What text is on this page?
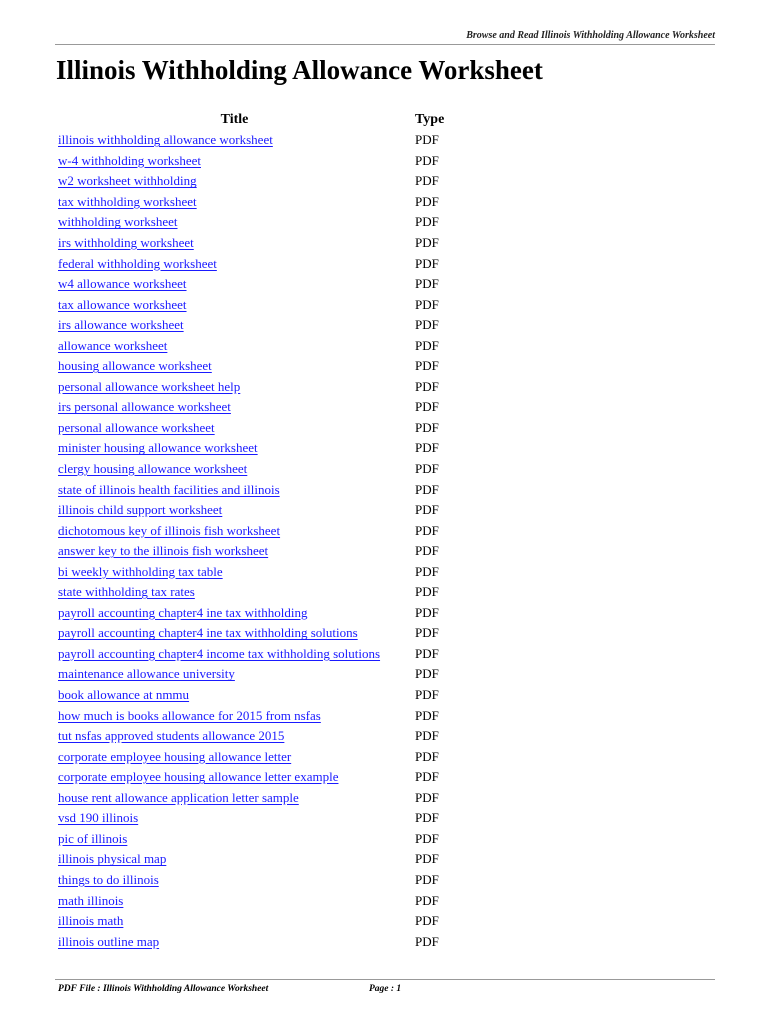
Browse and Read Illinois Withholding Allowance Worksheet
Illinois Withholding Allowance Worksheet
Title	Type
illinois withholding allowance worksheet	PDF
w-4 withholding worksheet	PDF
w2 worksheet withholding	PDF
tax withholding worksheet	PDF
withholding worksheet	PDF
irs withholding worksheet	PDF
federal withholding worksheet	PDF
w4 allowance worksheet	PDF
tax allowance worksheet	PDF
irs allowance worksheet	PDF
allowance worksheet	PDF
housing allowance worksheet	PDF
personal allowance worksheet help	PDF
irs personal allowance worksheet	PDF
personal allowance worksheet	PDF
minister housing allowance worksheet	PDF
clergy housing allowance worksheet	PDF
state of illinois health facilities and illinois	PDF
illinois child support worksheet	PDF
dichotomous key of illinois fish worksheet	PDF
answer key to the illinois fish worksheet	PDF
bi weekly withholding tax table	PDF
state withholding tax rates	PDF
payroll accounting chapter4 ine tax withholding	PDF
payroll accounting chapter4 ine tax withholding solutions	PDF
payroll accounting chapter4 income tax withholding solutions	PDF
maintenance allowance university	PDF
book allowance at nmmu	PDF
how much is books allowance for 2015 from nsfas	PDF
tut nsfas approved students allowance 2015	PDF
corporate employee housing allowance letter	PDF
corporate employee housing allowance letter example	PDF
house rent allowance application letter sample	PDF
vsd 190 illinois	PDF
pic of illinois	PDF
illinois physical map	PDF
things to do illinois	PDF
math illinois	PDF
illinois math	PDF
illinois outline map	PDF
PDF File : Illinois Withholding Allowance Worksheet	Page : 1
